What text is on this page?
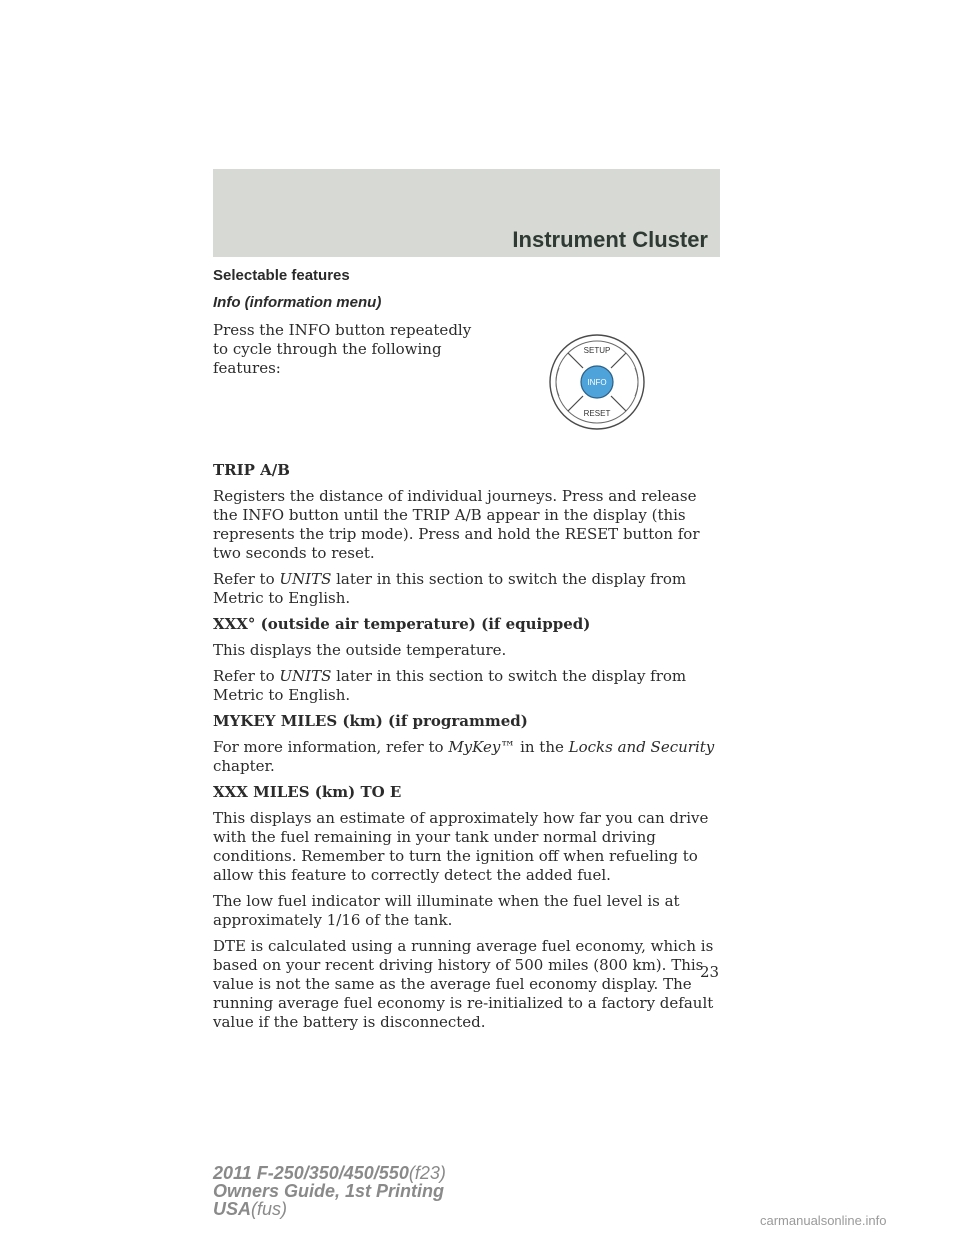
Instrument Cluster
Selectable features
Info (information menu)

Press the INFO button repeatedly to cycle through the following features:

TRIP A/B

Registers the distance of individual journeys. Press and release the INFO button until the TRIP A/B appear in the display (this represents the trip mode). Press and hold the RESET button for two seconds to reset.

Refer to UNITS later in this section to switch the display from Metric to English.

XXX° (outside air temperature) (if equipped)

This displays the outside temperature.

Refer to UNITS later in this section to switch the display from Metric to English.

MYKEY MILES (km) (if programmed)

For more information, refer to MyKey™ in the Locks and Security chapter.

XXX MILES (km) TO E

This displays an estimate of approximately how far you can drive with the fuel remaining in your tank under normal driving conditions. Remember to turn the ignition off when refueling to allow this feature to correctly detect the added fuel.

The low fuel indicator will illuminate when the fuel level is at approximately 1/16 of the tank.

DTE is calculated using a running average fuel economy, which is based on your recent driving history of 500 miles (800 km). This value is not the same as the average fuel economy display. The running average fuel economy is re-initialized to a factory default value if the battery is disconnected.

SETUP
INFO
RESET
23
2011 F-250/350/450/550(f23)
Owners Guide, 1st Printing
USA(fus)
carmanualsonline.info
